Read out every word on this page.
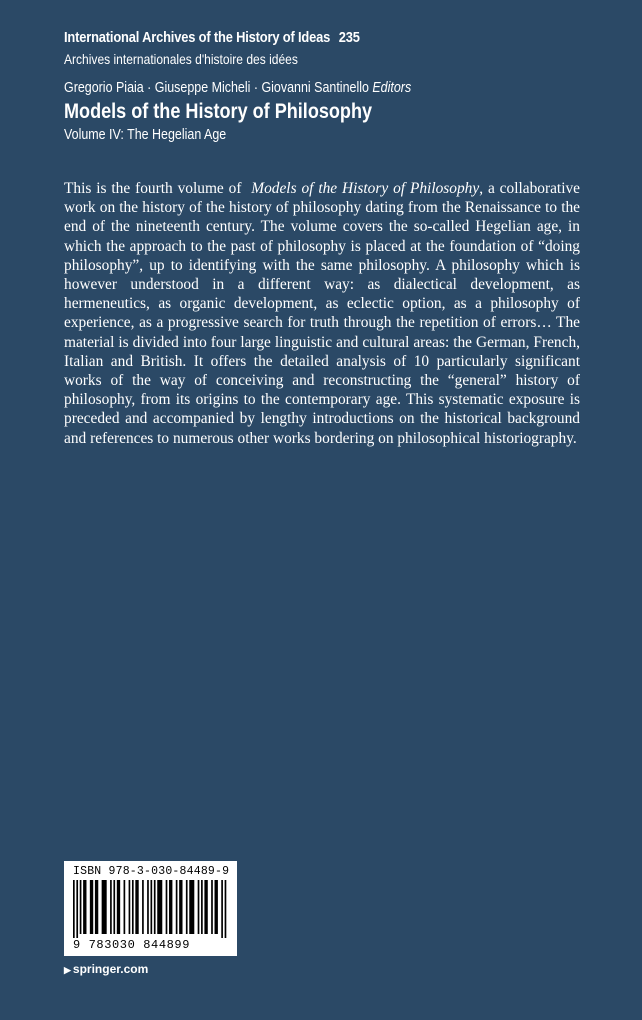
International Archives of the History of Ideas 235
Archives internationales d'histoire des idées
Gregorio Piaia · Giuseppe Micheli · Giovanni Santinello Editors
Models of the History of Philosophy
Volume IV: The Hegelian Age

This is the fourth volume of Models of the History of Philosophy, a collaborative work on the history of the history of philosophy dating from the Renaissance to the end of the nineteenth century. The volume covers the so-called Hegelian age, in which the approach to the past of philosophy is placed at the foundation of “doing philosophy”, up to identifying with the same philosophy. A philosophy which is however understood in a different way: as dialectical development, as hermeneutics, as organic development, as eclectic option, as a philosophy of experience, as a progressive search for truth through the repetition of errors… The material is divided into four large linguistic and cultural areas: the German, French, Italian and British. It offers the detailed analysis of 10 particularly significant works of the way of conceiving and reconstructing the “general” history of philosophy, from its origins to the contemporary age. This systematic exposure is preceded and accompanied by lengthy introductions on the historical background and references to numerous other works bordering on philosophical historiography.

ISBN 978-3-030-84489-9
9 783030 844899
▶ springer.com
